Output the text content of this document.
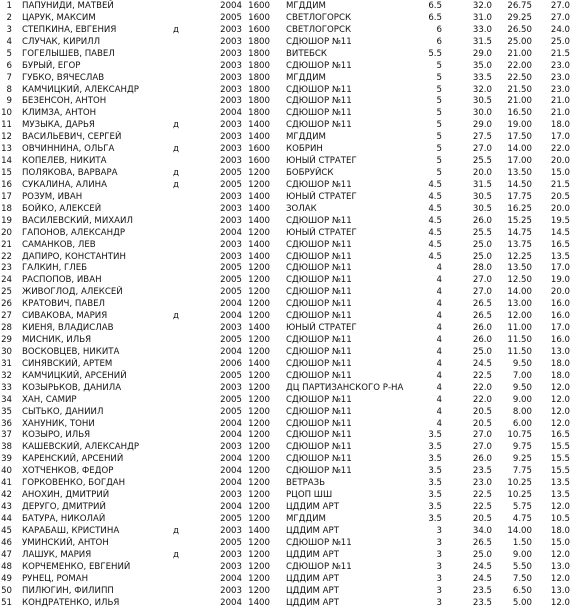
1 ПАПУНИДИ, МАТВЕЙ	2004 1600 МГДДИМ	6.5	32.0	26.75	27.0
2 ЦАРУК, МАКСИМ	2005 1600 СВЕТЛОГОРСК	6.5	31.0	29.25	27.0
3 СТЕПКИНА, ЕВГЕНИЯ	д	2003 1600 СВЕТЛОГОРСК	6	33.0	26.50	24.0
4 СЛУЧАК, КИРИЛЛ	2003 1800 СДЮШОР №11	6	31.5	25.00	25.0
5 ГОГЕЛЫШЕВ, ПАВЕЛ	2003 1800 ВИТЕБСК	5.5	29.0	21.00	21.5
6 БУРЫЙ, ЕГОР	2003 1800 СДЮШОР №11	5	35.0	22.00	23.0
7 ГУБКО, ВЯЧЕСЛАВ	2003 1800 МГДДИМ	5	33.5	22.50	23.0
8 КАМЧИЦКИЙ, АЛЕКСАНДР	2003 1800 СДЮШОР №11	5	32.0	21.50	23.0
9 БЕЗЕНСОН, АНТОН	2003 1800 СДЮШОР №11	5	30.5	21.00	21.0
10 КЛИМЗА, АНТОН	2004 1800 СДЮШОР №11	5	30.0	16.50	21.0
11 МУЗЫКА, ДАРЬЯ	д	2003 1400 СДЮШОР №11	5	29.0	19.00	18.0
12 ВАСИЛЬЕВИЧ, СЕРГЕЙ	2003 1400 МГДДИМ	5	27.5	17.50	17.0
13 ОВЧИННИНА, ОЛЬГА	д	2003 1600 КОБРИН	5	27.0	14.00	22.0
14 КОПЕЛЕВ, НИКИТА	2003 1600 ЮНЫЙ СТРАТЕГ	5	25.5	17.00	20.0
15 ПОЛЯКОВА, ВАРВАРА	д	2005 1200 БОБРУЙСК	5	20.0	13.50	15.0
16 СУКАЛИНА, АЛИНА	д	2005 1200 СДЮШОР №11	4.5	31.5	14.50	21.5
17 РОЗУМ, ИВАН	2003 1400 ЮНЫЙ СТРАТЕГ	4.5	30.5	17.75	20.5
18 БОЙКО, АЛЕКСЕЙ	2003 1400 ЗОЛАК	4.5	30.5	16.25	20.0
19 ВАСИЛЕВСКИЙ, МИХАИЛ	2003 1400 СДЮШОР №11	4.5	26.0	15.25	19.5
20 ГАПОНОВ, АЛЕКСАНДР	2004 1200 ЮНЫЙ СТРАТЕГ	4.5	25.5	14.75	14.5
21 САМАНКОВ, ЛЕВ	2003 1400 СДЮШОР №11	4.5	25.0	13.75	16.5
22 ДАПИРО, КОНСТАНТИН	2003 1400 СДЮШОР №11	4.5	25.0	12.25	13.5
23 ГАЛКИН, ГЛЕБ	2005 1200 СДЮШОР №11	4	28.0	13.50	17.0
24 РАСПОПОВ, ИВАН	2005 1200 СДЮШОР №11	4	27.0	12.50	19.0
25 ЖИВОГЛОД, АЛЕКСЕЙ	2005 1200 СДЮШОР №11	4	27.0	14.00	20.0
26 КРАТОВИЧ, ПАВЕЛ	2004 1200 СДЮШОР №11	4	26.5	13.00	16.0
27 СИВАКОВА, МАРИЯ	д	2004 1200 СДЮШОР №11	4	26.5	12.00	16.0
28 КИЕНЯ, ВЛАДИСЛАВ	2003 1400 ЮНЫЙ СТРАТЕГ	4	26.0	11.00	17.0
29 МИСНИК, ИЛЬЯ	2005 1200 СДЮШОР №11	4	26.0	11.50	16.0
30 ВОСКОВЦЕВ, НИКИТА	2004 1200 СДЮШОР №11	4	25.0	11.50	13.0
31 СИНЯВСКИЙ, АРТЕМ	2006 1400 СДЮШОР №11	4	24.5	9.50	18.0
32 КАМЧИЦКИЙ, АРСЕНИЙ	2005 1200 СДЮШОР №11	4	22.5	7.00	18.0
33 КОЗЫРЬКОВ, ДАНИЛА	2003 1200 ДЦ ПАРТИЗАНСКОГО Р-НА	4	22.0	9.50	12.0
34 ХАН, САМИР	2005 1200 СДЮШОР №11	4	22.0	9.00	12.0
35 СЫТЬКО, ДАНИИЛ	2005 1200 СДЮШОР №11	4	20.5	8.00	12.0
36 ХАНУНИК, ТОНИ	2004 1200 СДЮШОР №11	4	20.5	6.00	12.0
37 КОЗЫРО, ИЛЬЯ	2004 1200 СДЮШОР №11	3.5	27.0	10.75	16.5
38 КАШЕВСКИЙ, АЛЕКСАНДР	2003 1200 СДЮШОР №11	3.5	27.0	9.75	15.5
39 КАРЕНСКИЙ, АРСЕНИЙ	2004 1200 СДЮШОР №11	3.5	26.0	9.25	15.5
40 ХОТЧЕНКОВ, ФЕДОР	2004 1200 СДЮШОР №11	3.5	23.5	7.75	15.5
41 ГОРКОВЕНКО, БОГДАН	2004 1200 ВЕТРАЗЬ	3.5	23.0	10.25	13.5
42 АНОХИН, ДМИТРИЙ	2003 1200 РЦОП ШШ	3.5	22.5	10.25	13.5
43 ДЕРУГО, ДМИТРИЙ	2004 1200 ЦДДИМ АРТ	3.5	22.5	5.75	12.0
44 БАТУРА, НИКОЛАЙ	2005 1200 МГДДИМ	3.5	20.5	4.75	10.5
45 КАРАБАШ, КРИСТИНА	д	2003 1400 ЦДДИМ АРТ	3	34.0	14.00	18.0
46 УМИНСКИЙ, АНТОН	2005 1200 СДЮШОР №11	3	26.5	1.50	15.0
47 ЛАШУК, МАРИЯ	д	2003 1200 ЦДДИМ АРТ	3	25.0	9.00	12.0
48 КОРЧЕМЕНКО, ЕВГЕНИЙ	2003 1200 СДЮШОР №11	3	24.5	5.50	13.0
49 РУНЕЦ, РОМАН	2004 1200 ЦДДИМ АРТ	3	24.5	7.50	12.0
50 ПИЛЮГИН, ФИЛИПП	2003 1200 ЦДДИМ АРТ	3	23.5	6.50	13.0
51 КОНДРАТЕНКО, ИЛЬЯ	2004 1400 ЦДДИМ АРТ	3	23.5	5.00	12.0
